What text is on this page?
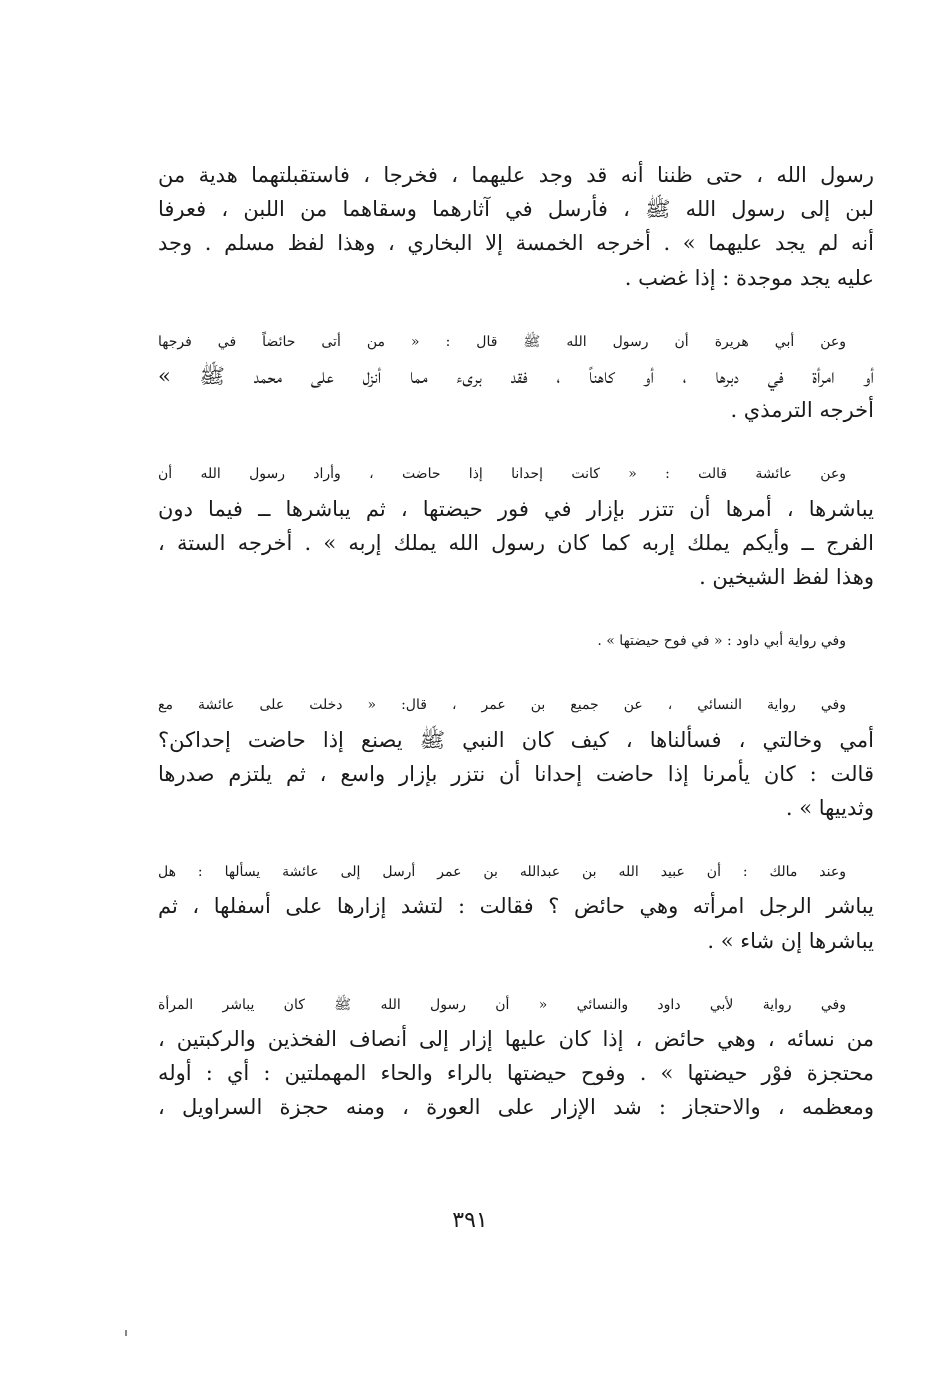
رسول الله ، حتى ظننا أنه قد وجد عليهما ، فخرجا ، فاستقبلتهما هدية من
لبن إلى رسول الله ﷺ ، فأرسل في آثارهما وسقاهما من اللبن ، فعرفا
أنه لم يجد عليهما » . أخرجه الخمسة إلا البخاري ، وهذا لفظ مسلم . وجد
عليه يجد موجدة : إذا غضب .

وعن أبي هريرة أن رسول الله ﷺ قال : « من أتى حائضاً في فرجها
أو امرأة في دبرها ، أو كاهناً ، فقد برىء مما أنزل على محمد ﷺ »
أخرجه الترمذي .

وعن عائشة قالت : « كانت إحدانا إذا حاضت ، وأراد رسول الله أن
يباشرها ، أمرها أن تتزر بإزار في فور حيضتها ، ثم يباشرها ــ فيما دون
الفرج ــ وأيكم يملك إربه كما كان رسول الله يملك إربه » . أخرجه الستة ،
وهذا لفظ الشيخين .

وفي رواية أبي داود : « في فوح حيضتها » .

وفي رواية النسائي ، عن جميع بن عمر ، قال: « دخلت على عائشة مع
أمي وخالتي ، فسألناها ، كيف كان النبي ﷺ يصنع إذا حاضت إحداكن؟
قالت : كان يأمرنا إذا حاضت إحدانا أن نتزر بإزار واسع ، ثم يلتزم صدرها
وثدييها » .

وعند مالك : أن عبيد الله بن عبدالله بن عمر أرسل إلى عائشة يسألها : هل
يباشر الرجل امرأته وهي حائض ؟ فقالت : لتشد إزارها على أسفلها ، ثم
يباشرها إن شاء » .

وفي رواية لأبي داود والنسائي « أن رسول الله ﷺ كان يباشر المرأة
من نسائه ، وهي حائض ، إذا كان عليها إزار إلى أنصاف الفخذين والركبتين ،
محتجزة فوْر حيضتها » . وفوح حيضتها بالراء والحاء المهملتين : أي : أوله
ومعظمه ، والاحتجاز : شد الإزار على العورة ، ومنه حجزة السراويل ،

٣٩١
